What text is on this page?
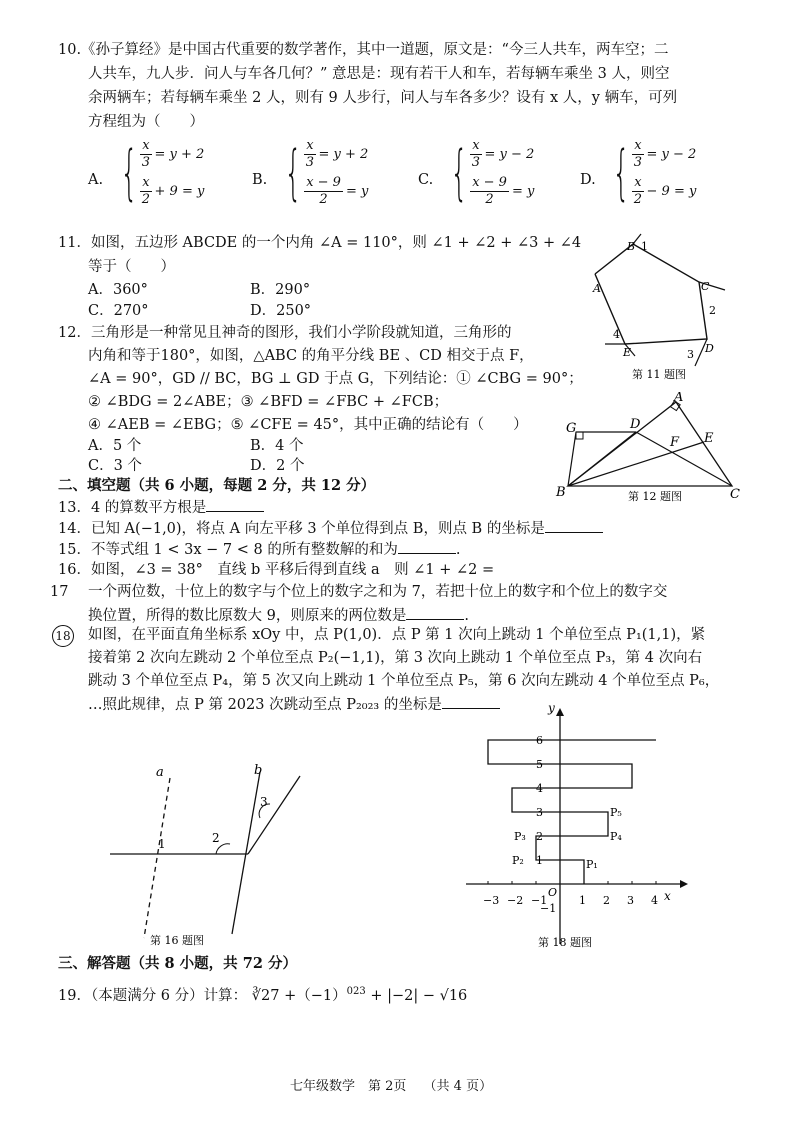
10.《孙子算经》是中国古代重要的数学著作，其中一道题，原文是：“今三人共车，两车空；二
人共车，九人步．问人与车各几何？” 意思是：现有若干人和车，若每辆车乘坐 3 人，则空
余两辆车；若每辆车乘坐 2 人，则有 9 人步行，问人与车各多少？设有 x 人，y 辆车，可列
方程组为（　　）
A. { $\frac{x}{3} = y + 2$
$\frac{x}{2} + 9 = y$
B. { $\frac{x}{3} = y + 2$
$\frac{x - 9}{2} = y$
C. { $\frac{x}{3} = y - 2$
$\frac{x - 9}{2} = y$
D. { $\frac{x}{3} = y - 2$
$\frac{x}{2} - 9 = y$
11．如图，五边形 ABCDE 的一个内角 ∠A = 110°，则 ∠1 + ∠2 + ∠3 + ∠4
等于（　　）
A．360°	B．290°
C．270°	D．250°
B 1
A	C
2
D
3
E
4
第 11 题图
12．三角形是一种常见且神奇的图形，我们小学阶段就知道，三角形的
内角和等于180°，如图，△ABC 的角平分线 BE 、CD 相交于点 F，
∠A = 90°，GD // BC，BG ⊥ GD 于点 G，下列结论：① ∠CBG = 90°；
② ∠BDG = 2∠ABE；③ ∠BFD = ∠FBC + ∠FCB；
④ ∠AEB = ∠EBG；⑤ ∠CFE = 45°，其中正确的结论有（　　）
A．5 个	B．4 个
C．3 个	D．2 个
G	D
A
E
F
B	C
第 12 题图
二、填空题（共 6 小题，每题 2 分，共 12 分）
13．4 的算数平方根是
14．已知 A(−1,0)，将点 A 向左平移 3 个单位得到点 B，则点 B 的坐标是
15．不等式组 1 < 3x − 7 < 8 的所有整数解的和为	.
16．如图，∠3 = 38°　直线 b 平移后得到直线 a　则 ∠1 + ∠2 =
17 一个两位数，十位上的数字与个位上的数字之和为 7，若把十位上的数字和个位上的数字交
换位置，所得的数比原数大 9，则原来的两位数是	.
18 如图，在平面直角坐标系 xOy 中，点 P(1,0)．点 P 第 1 次向上跳动 1 个单位至点 P₁(1,1)，紧
接着第 2 次向左跳动 2 个单位至点 P₂(−1,1)，第 3 次向上跳动 1 个单位至点 P₃，第 4 次向右
跳动 3 个单位至点 P₄，第 5 次又向上跳动 1 个单位至点 P₅，第 6 次向左跳动 4 个单位至点 P₆，
…照此规律，点 P 第 2023 次跳动至点 P₂₀₂₃ 的坐标是
a	b
1	2
3
第 16 题图
y
x
O
−3 −2 −1	1 2 3 4
1
2
3
4
5
6
−1
P₁
P₂
P₃	P₄
P₅
第 18 题图
三、解答题（共 8 小题，共 72 分）
19．（本题满分 6 分）计算： ∛27 $+(-1)^{023} + |-2| - √16$
七年级数学　第 2页　 （共 4 页）
